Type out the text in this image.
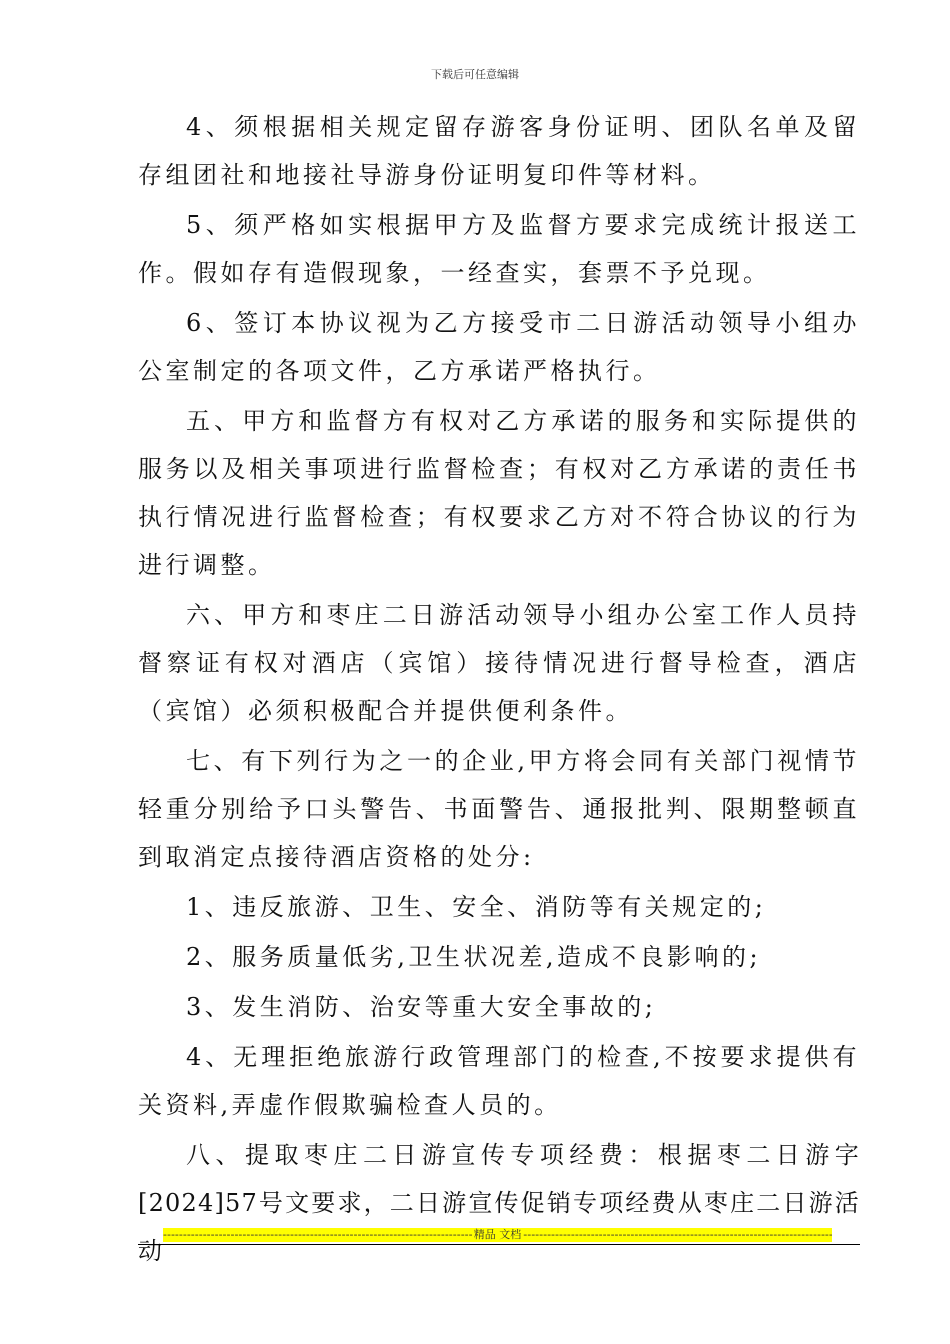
下载后可任意编辑

4、须根据相关规定留存游客身份证明、团队名单及留存组团社和地接社导游身份证明复印件等材料。

5、须严格如实根据甲方及监督方要求完成统计报送工作。假如存有造假现象，一经查实，套票不予兑现。

6、签订本协议视为乙方接受市二日游活动领导小组办公室制定的各项文件，乙方承诺严格执行。

五、甲方和监督方有权对乙方承诺的服务和实际提供的服务以及相关事项进行监督检查；有权对乙方承诺的责任书执行情况进行监督检查；有权要求乙方对不符合协议的行为进行调整。

六、甲方和枣庄二日游活动领导小组办公室工作人员持督察证有权对酒店（宾馆）接待情况进行督导检查，酒店（宾馆）必须积极配合并提供便利条件。

七、有下列行为之一的企业,甲方将会同有关部门视情节轻重分别给予口头警告、书面警告、通报批判、限期整顿直到取消定点接待酒店资格的处分:

1、违反旅游、卫生、安全、消防等有关规定的;

2、服务质量低劣,卫生状况差,造成不良影响的;

3、发生消防、治安等重大安全事故的;

4、无理拒绝旅游行政管理部门的检查,不按要求提供有关资料,弄虚作假欺骗检查人员的。

八、提取枣庄二日游宣传专项经费：根据枣二日游字[2024]57号文要求，二日游宣传促销专项经费从枣庄二日游活动

-----
精品 文档
-----
